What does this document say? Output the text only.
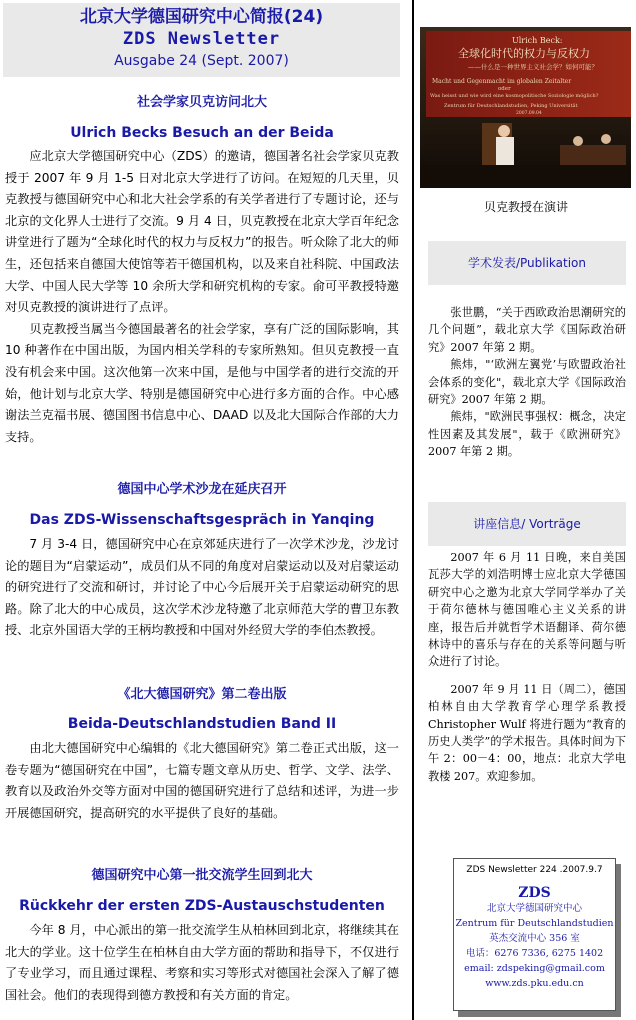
北京大学德国研究中心简报(24)
ZDS Newsletter
Ausgabe 24 (Sept. 2007)
社会学家贝克访问北大
Ulrich Becks Besuch an der Beida
应北京大学德国研究中心（ZDS）的邀请，德国著名社会学家贝克教授于 2007 年 9 月 1-5 日对北京大学进行了访问。在短短的几天里，贝克教授与德国研究中心和北大社会学系的有关学者进行了专题讨论，还与北京的文化界人士进行了交流。9 月 4 日，贝克教授在北京大学百年纪念讲堂进行了题为“全球化时代的权力与反权力”的报告。听众除了北大的师生，还包括来自德国大使馆等若干德国机构，以及来自社科院、中国政法大学、中国人民大学等 10 余所大学和研究机构的专家。俞可平教授特邀对贝克教授的演讲进行了点评。
贝克教授当属当今德国最著名的社会学家，享有广泛的国际影响，其 10 种著作在中国出版，为国内相关学科的专家所熟知。但贝克教授一直没有机会来中国。这次他第一次来中国，是他与中国学者的进行交流的开始，他计划与北京大学、特别是德国研究中心进行多方面的合作。中心感谢法兰克福书展、德国图书信息中心、DAAD 以及北大国际合作部的大力支持。
德国中心学术沙龙在延庆召开
Das ZDS-Wissenschaftsgespräch in Yanqing
7 月 3-4 日，德国研究中心在京郊延庆进行了一次学术沙龙，沙龙讨论的题目为“启蒙运动”，成员们从不同的角度对启蒙运动以及对启蒙运动的研究进行了交流和研讨，并讨论了中心今后展开关于启蒙运动研究的思路。除了北大的中心成员，这次学术沙龙特邀了北京师范大学的曹卫东教授、北京外国语大学的王柄均教授和中国对外经贸大学的李伯杰教授。
《北大德国研究》第二卷出版
Beida-Deutschlandstudien Band II
由北大德国研究中心编辑的《北大德国研究》第二卷正式出版，这一卷专题为“德国研究在中国”，七篇专题文章从历史、哲学、文学、法学、教育以及政治外交等方面对中国的德国研究进行了总结和述评，为进一步开展德国研究，提高研究的水平提供了良好的基础。
德国研究中心第一批交流学生回到北大
Rückkehr der ersten ZDS-Austauschstudenten
今年 8 月，中心派出的第一批交流学生从柏林回到北京，将继续其在北大的学业。这十位学生在柏林自由大学方面的帮助和指导下，不仅进行了专业学习，而且通过课程、考察和实习等形式对德国社会深入了解了德国社会。他们的表现得到德方教授和有关方面的肯定。
Ulrich Beck:
全球化时代的权力与反权力
——什么是一种世界主义社会学？如何可能？
Macht und Gegenmacht im globalen Zeitalter
oder
Was heisst und wie wird eine kosmopolitische Soziologie möglich?
Zentrum für Deutschlandstudien, Peking Universität
2007.09.04
贝克教授在演讲
学术发表/Publikation
张世鹏，“关于西欧政治思潮研究的几个问题”，载北京大学《国际政治研究》2007 年第 2 期。
熊炜，"‘欧洲左翼党’与欧盟政治社会体系的变化"，载北京大学《国际政治研究》2007 年第 2 期。
熊炜，"欧洲民事强权：概念，决定性因素及其发展"，载于《欧洲研究》2007 年第 2 期。
讲座信息/ Vorträge
2007 年 6 月 11 日晚，来自美国瓦莎大学的刘浩明博士应北京大学德国研究中心之邀为北京大学同学举办了关于荷尔德林与德国唯心主义关系的讲座，报告后并就哲学术语翻译、荷尔德林诗中的喜乐与存在的关系等问题与听众进行了讨论。
2007 年 9 月 11 日（周二），德国柏林自由大学教育学心理学系教授 Christopher Wulf 将进行题为“教育的历史人类学”的学术报告。具体时间为下午 2：00－4：00，地点：北京大学电教楼 207。欢迎参加。
ZDS Newsletter 224 .2007.9.7
ZDS
北京大学德国研究中心
Zentrum für Deutschlandstudien
英杰交流中心 356 室
电话：6276 7336, 6275 1402
email: zdspeking@gmail.com
www.zds.pku.edu.cn
